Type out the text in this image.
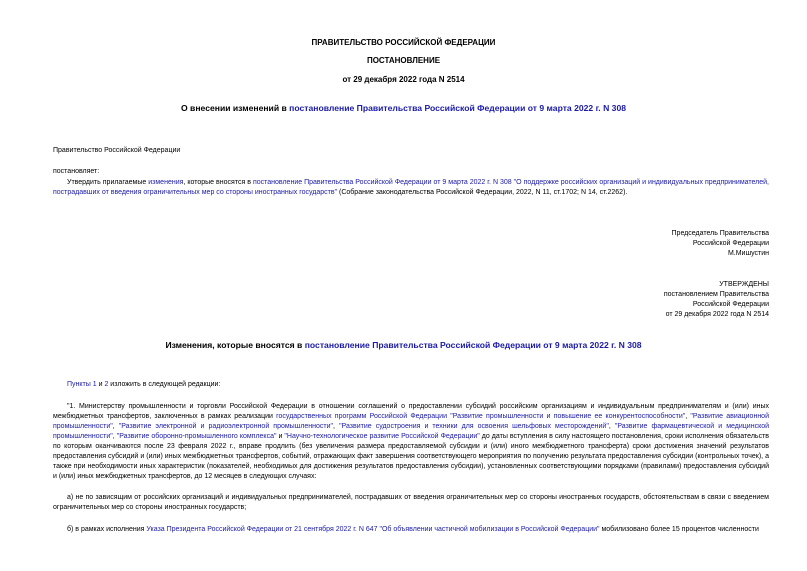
ПРАВИТЕЛЬСТВО РОССИЙСКОЙ ФЕДЕРАЦИИ
ПОСТАНОВЛЕНИЕ
от 29 декабря 2022 года N 2514
О внесении изменений в постановление Правительства Российской Федерации от 9 марта 2022 г. N 308
Правительство Российской Федерации
постановляет:
Утвердить прилагаемые изменения, которые вносятся в постановление Правительства Российской Федерации от 9 марта 2022 г. N 308 "О поддержке российских организаций и индивидуальных предпринимателей, пострадавших от введения ограничительных мер со стороны иностранных государств" (Собрание законодательства Российской Федерации, 2022, N 11, ст.1702; N 14, ст.2262).
Председатель Правительства
Российской Федерации
М.Мишустин
УТВЕРЖДЕНЫ
постановлением Правительства
Российской Федерации
от 29 декабря 2022 года N 2514
Изменения, которые вносятся в постановление Правительства Российской Федерации от 9 марта 2022 г. N 308
Пункты 1 и 2 изложить в следующей редакции:
"1. Министерству промышленности и торговли Российской Федерации в отношении соглашений о предоставлении субсидий российским организациям и индивидуальным предпринимателям и (или) иных межбюджетных трансфертов, заключенных в рамках реализации государственных программ Российской Федерации "Развитие промышленности и повышение ее конкурентоспособности", "Развитие авиационной промышленности", "Развитие электронной и радиоэлектронной промышленности", "Развитие судостроения и техники для освоения шельфовых месторождений", "Развитие фармацевтической и медицинской промышленности", "Развитие оборонно-промышленного комплекса" и "Научно-технологическое развитие Российской Федерации" до даты вступления в силу настоящего постановления, сроки исполнения обязательств по которым оканчиваются после 23 февраля 2022 г., вправе продлить (без увеличения размера предоставляемой субсидии и (или) иного межбюджетного трансферта) сроки достижения значений результатов предоставления субсидий и (или) иных межбюджетных трансфертов, событий, отражающих факт завершения соответствующего мероприятия по получению результата предоставления субсидии (контрольных точек), а также при необходимости иных характеристик (показателей, необходимых для достижения результатов предоставления субсидии), установленных соответствующими порядками (правилами) предоставления субсидий и (или) иных межбюджетных трансфертов, до 12 месяцев в следующих случаях:
а) не по зависящим от российских организаций и индивидуальных предпринимателей, пострадавших от введения ограничительных мер со стороны иностранных государств, обстоятельствам в связи с введением ограничительных мер со стороны иностранных государств;
б) в рамках исполнения Указа Президента Российской Федерации от 21 сентября 2022 г. N 647 "Об объявлении частичной мобилизации в Российской Федерации" мобилизовано более 15 процентов численности
